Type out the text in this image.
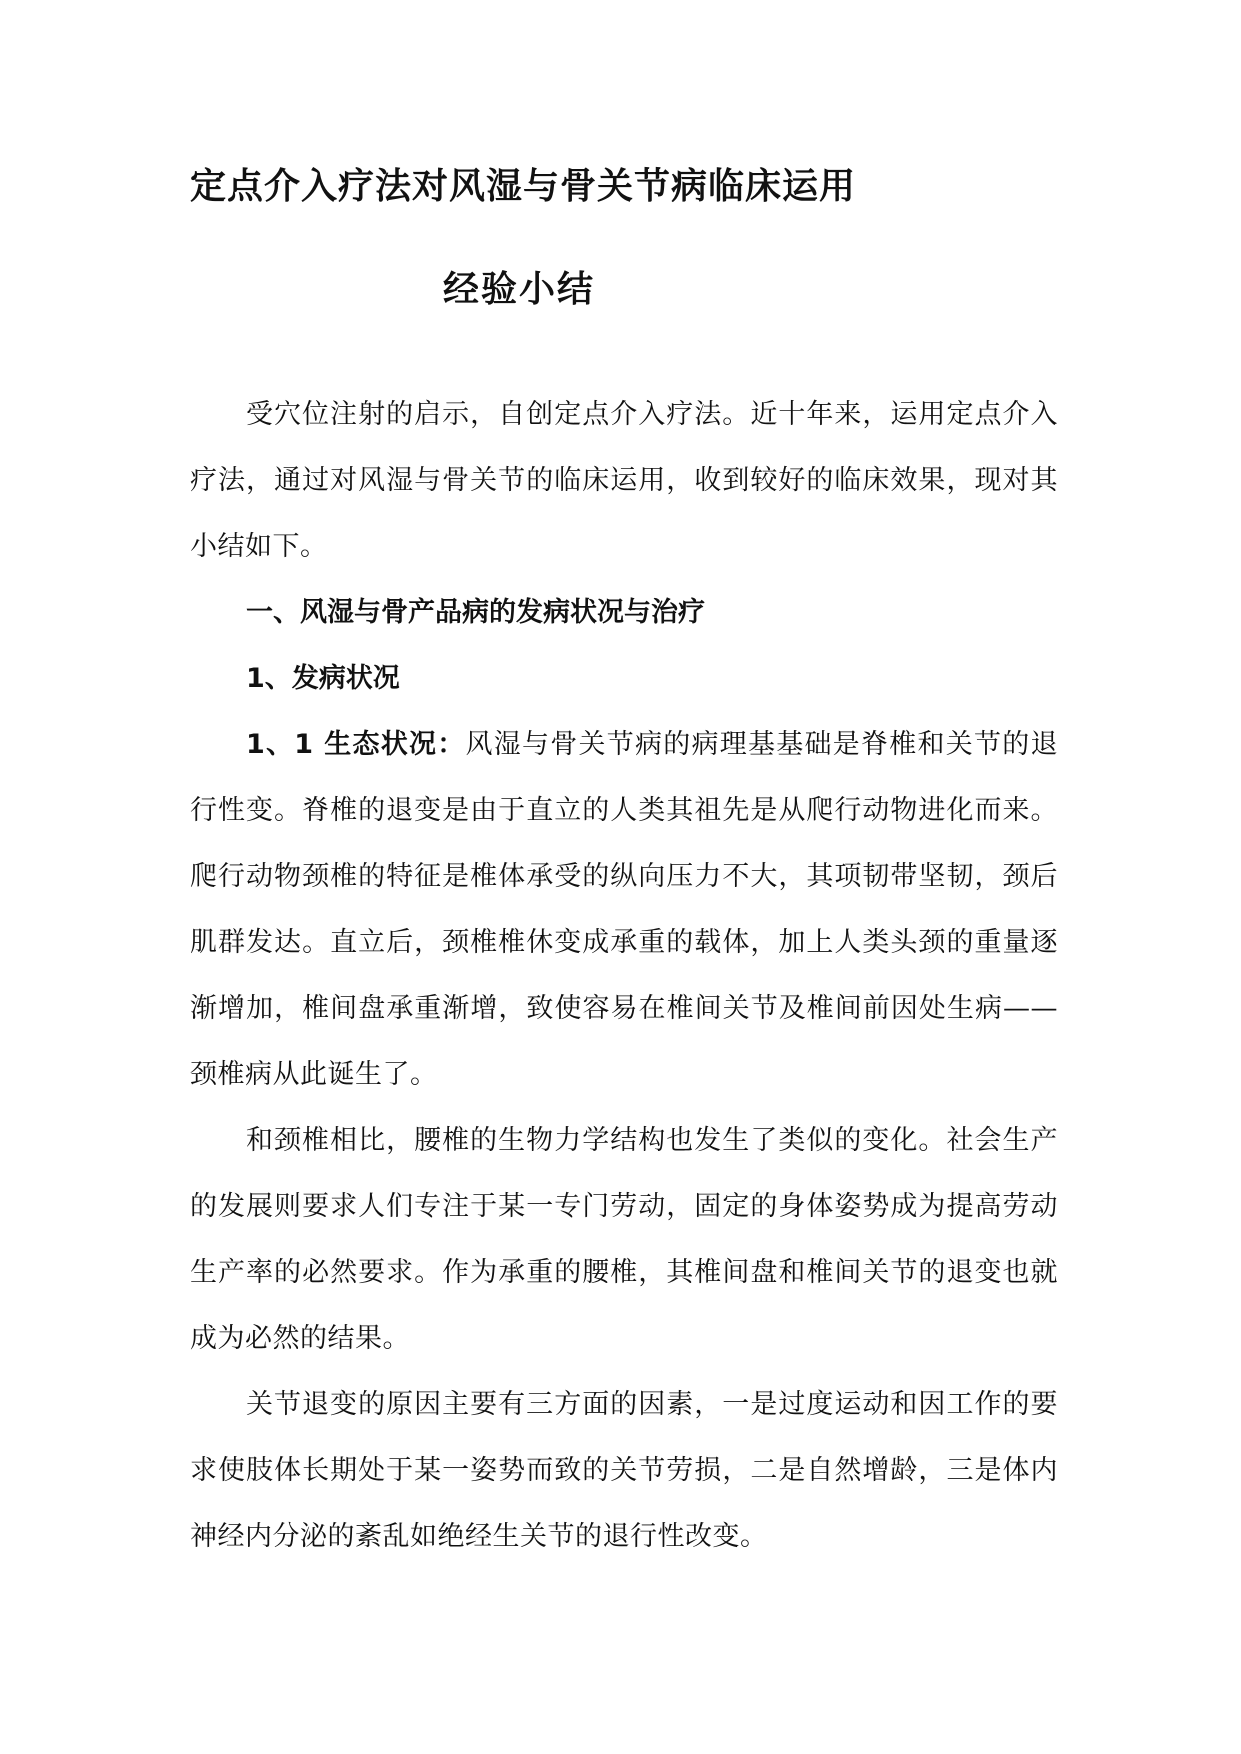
定点介入疗法对风湿与骨关节病临床运用
经验小结

受穴位注射的启示，自创定点介入疗法。近十年来，运用定点介入疗法，通过对风湿与骨关节的临床运用，收到较好的临床效果，现对其小结如下。

一、风湿与骨产品病的发病状况与治疗

1、发病状况

1、1 生态状况：风湿与骨关节病的病理基基础是脊椎和关节的退行性变。脊椎的退变是由于直立的人类其祖先是从爬行动物进化而来。爬行动物颈椎的特征是椎体承受的纵向压力不大，其项韧带坚韧，颈后肌群发达。直立后，颈椎椎休变成承重的载体，加上人类头颈的重量逐渐增加，椎间盘承重渐增，致使容易在椎间关节及椎间前因处生病——颈椎病从此诞生了。

和颈椎相比，腰椎的生物力学结构也发生了类似的变化。社会生产的发展则要求人们专注于某一专门劳动，固定的身体姿势成为提高劳动生产率的必然要求。作为承重的腰椎，其椎间盘和椎间关节的退变也就成为必然的结果。

关节退变的原因主要有三方面的因素，一是过度运动和因工作的要求使肢体长期处于某一姿势而致的关节劳损，二是自然增龄，三是体内神经内分泌的紊乱如绝经生关节的退行性改变。
